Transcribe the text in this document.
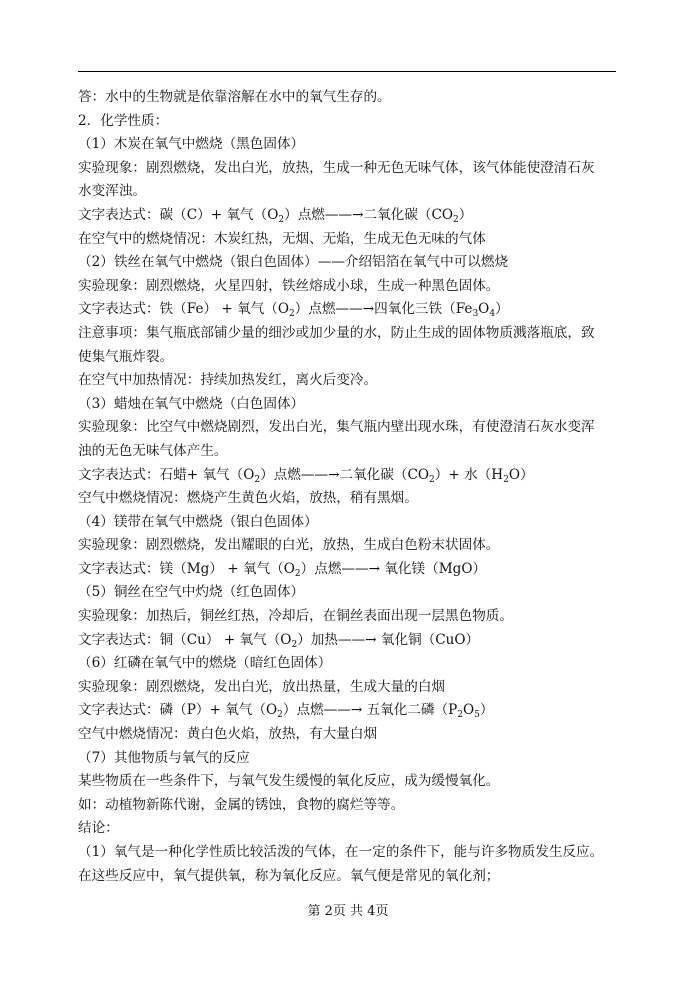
答：水中的生物就是依靠溶解在水中的氧气生存的。

2．化学性质：

（1）木炭在氧气中燃烧（黑色固体）

实验现象：剧烈燃烧，发出白光，放热，生成一种无色无味气体，该气体能使澄清石灰

水变浑浊。

文字表达式：碳（C）+ 氧气$(O_2)$点燃——→二氧化碳$(CO_2)$

在空气中的燃烧情况：木炭红热，无烟、无焰，生成无色无味的气体

（2）铁丝在氧气中燃烧（银白色固体）——介绍铝箔在氧气中可以燃烧

实验现象：剧烈燃烧，火星四射，铁丝熔成小球，生成一种黑色固体。

文字表达式：铁（Fe） + 氧气$(O_2)$点燃——→四氧化三铁$(Fe_3O_4)$

注意事项：集气瓶底部铺少量的细沙或加少量的水，防止生成的固体物质溅落瓶底，致

使集气瓶炸裂。

在空气中加热情况：持续加热发红，离火后变冷。

（3）蜡烛在氧气中燃烧（白色固体）

实验现象：比空气中燃烧剧烈，发出白光，集气瓶内壁出现水珠，有使澄清石灰水变浑

浊的无色无味气体产生。

文字表达式：石蜡+ 氧气$(O_2)$点燃——→二氧化碳$(CO_2)+$ 水$(H_2O)$

空气中燃烧情况：燃烧产生黄色火焰，放热，稍有黑烟。

（4）镁带在氧气中燃烧（银白色固体）

实验现象：剧烈燃烧，发出耀眼的白光，放热，生成白色粉末状固体。

文字表达式：镁（Mg） + 氧气$(O_2)$点燃——→ 氧化镁（MgO）

（5）铜丝在空气中灼烧（红色固体）

实验现象：加热后，铜丝红热，冷却后，在铜丝表面出现一层黑色物质。

文字表达式：铜（Cu） + 氧气$(O_2)$加热——→ 氧化铜（CuO）

（6）红磷在氧气中的燃烧（暗红色固体）

实验现象：剧烈燃烧，发出白光，放出热量，生成大量的白烟

文字表达式：磷（P）+ 氧气$(O_2)$点燃——→ 五氧化二磷$(P_2O_5)$

空气中燃烧情况：黄白色火焰，放热，有大量白烟

（7）其他物质与氧气的反应

某些物质在一些条件下，与氧气发生缓慢的氧化反应，成为缓慢氧化。

如：动植物新陈代谢，金属的锈蚀，食物的腐烂等等。

结论：

（1）氧气是一种化学性质比较活泼的气体，在一定的条件下，能与许多物质发生反应。

在这些反应中，氧气提供氧，称为氧化反应。氧气便是常见的氧化剂；

第 2页 共 4页
